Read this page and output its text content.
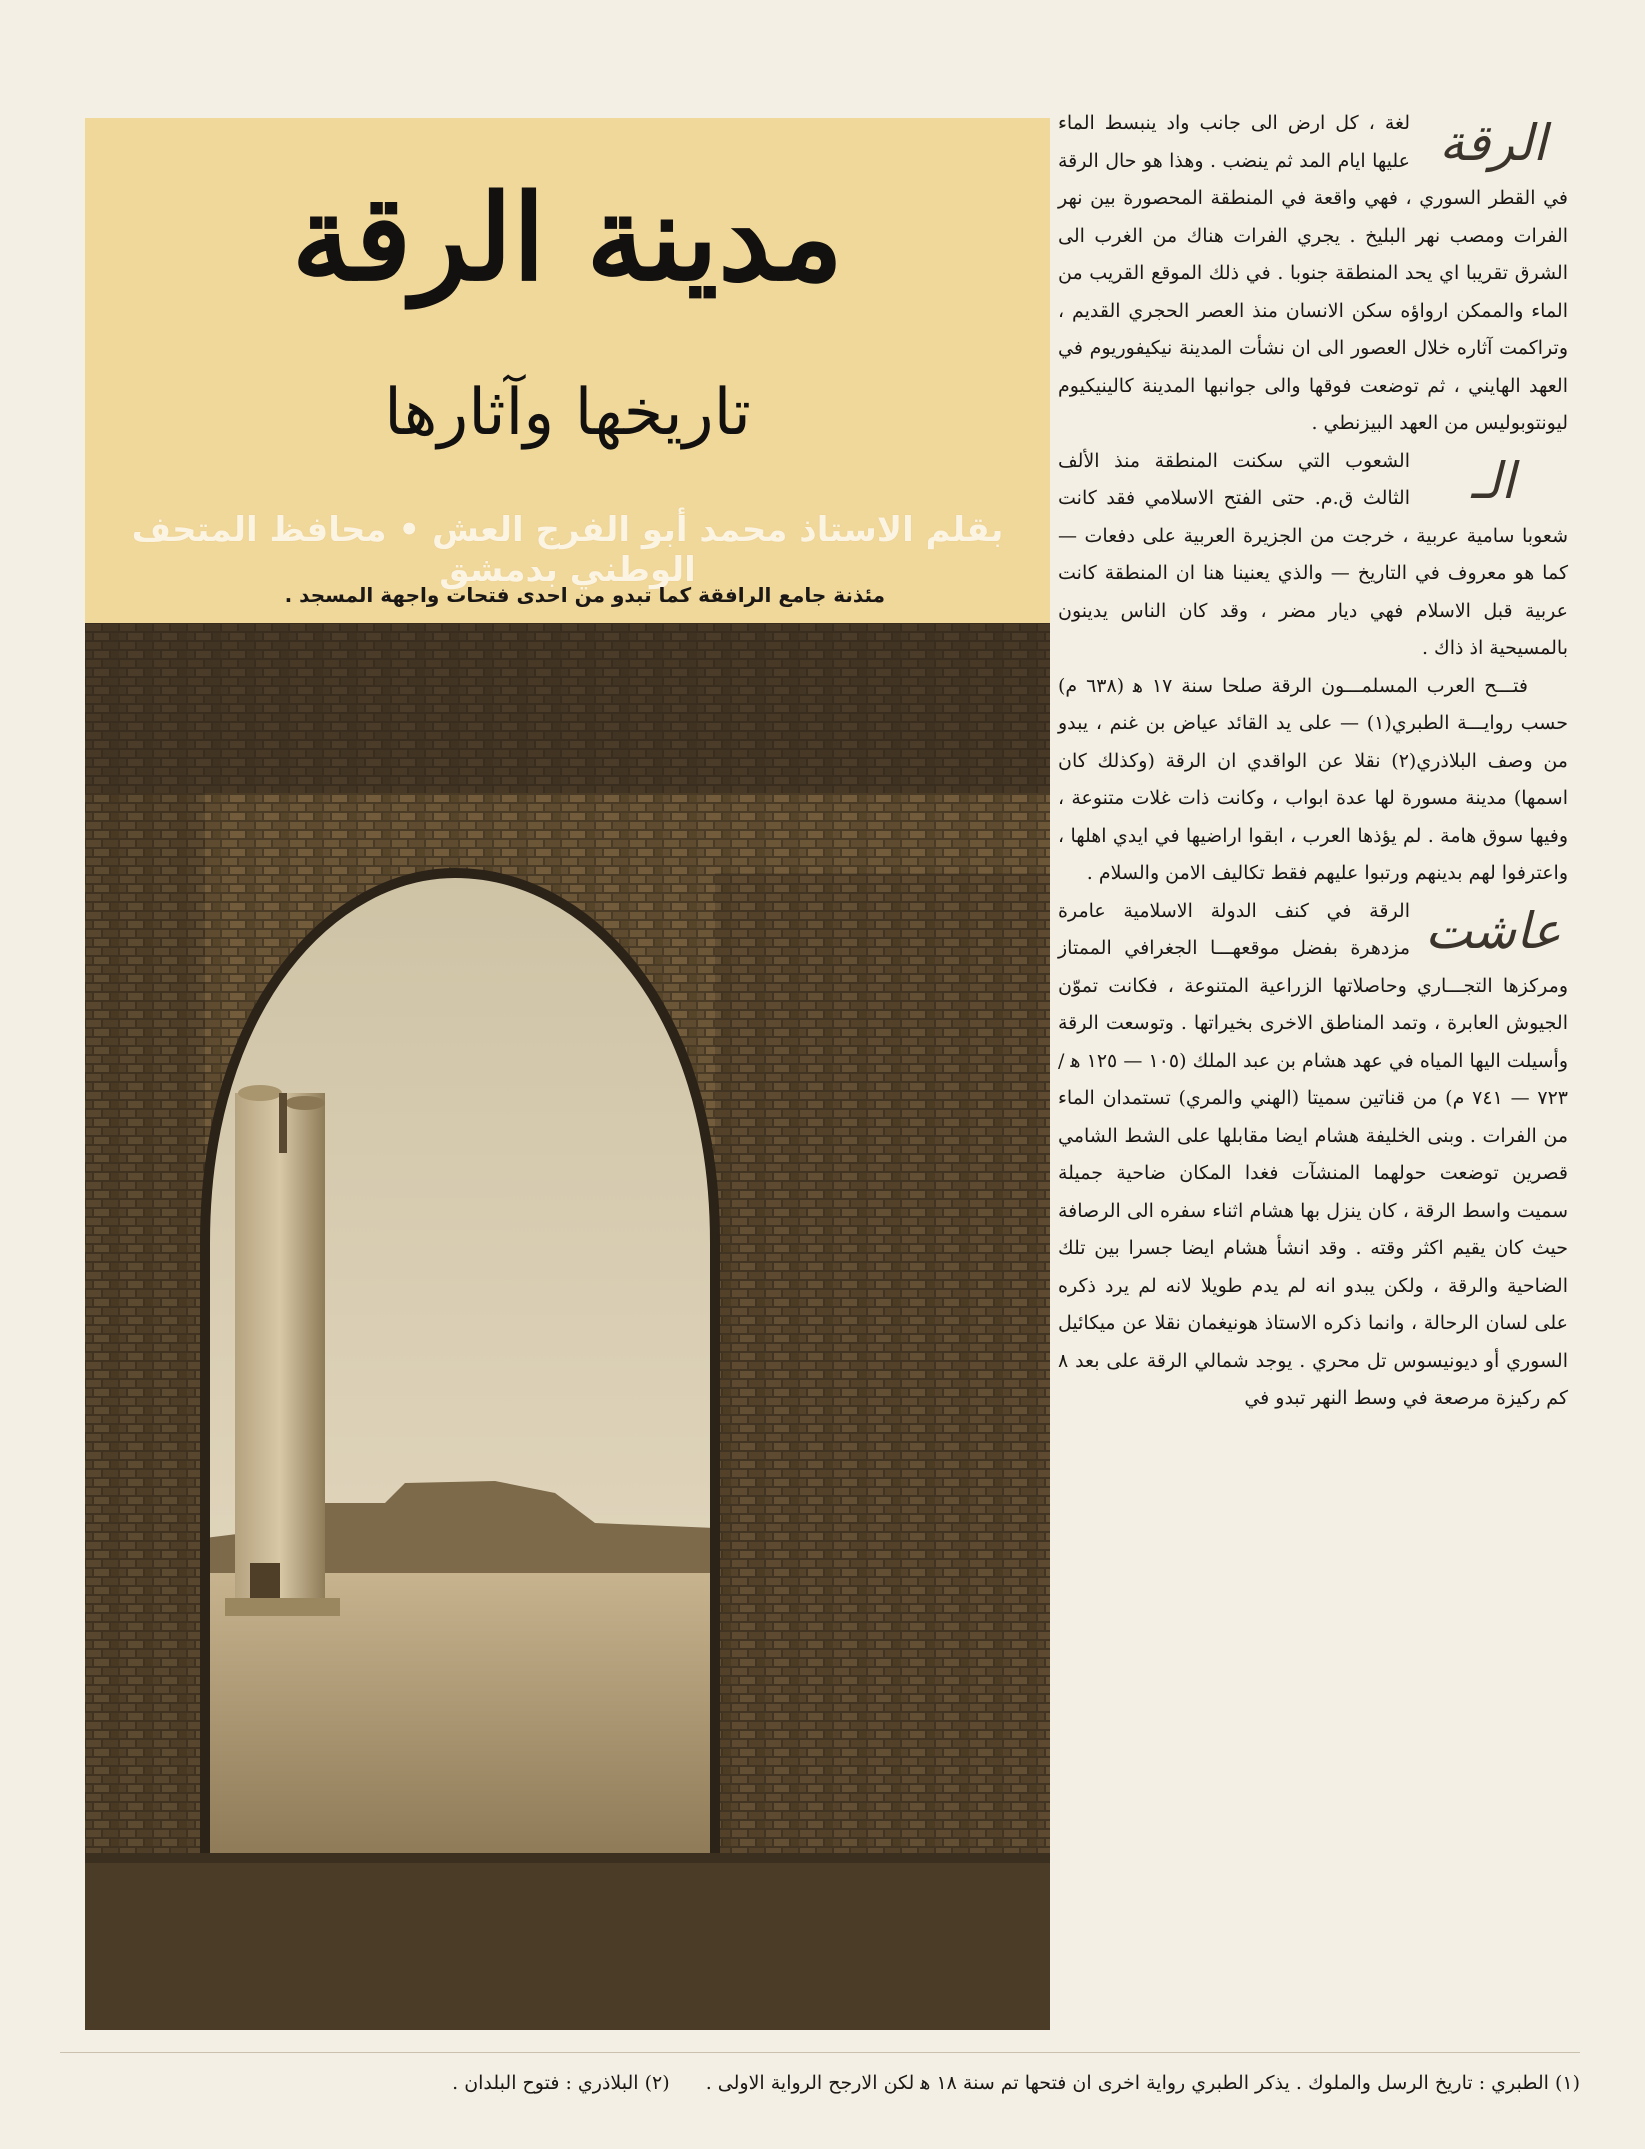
مدينة الرقة
تاريخها وآثارها
بقلم الاستاذ محمد أبو الفرج العش • محافظ المتحف الوطني بدمشق
مئذنة جامع الرافقة كما تبدو من احدى فتحات واجهة المسجد .

الرقة
لغة ، كل ارض الى جانب واد ينبسط الماء عليها ايام المد ثم ينضب . وهذا هو حال الرقة في القطر السوري ، فهي واقعة في المنطقة المحصورة بين نهر الفرات ومصب نهر البليخ . يجري الفرات هناك من الغرب الى الشرق تقريبا اي يحد المنطقة جنوبا . في ذلك الموقع القريب من الماء والممكن ارواؤه سكن الانسان منذ العصر الحجري القديم ، وتراكمت آثاره خلال العصور الى ان نشأت المدينة نيكيفوريوم في العهد الهايني ، ثم توضعت فوقها والى جوانبها المدينة كالينيكيوم ليونتوبوليس من العهد البيزنطي .

الـ
الشعوب التي سكنت المنطقة منذ الألف الثالث ق.م. حتى الفتح الاسلامي فقد كانت شعوبا سامية عربية ، خرجت من الجزيرة العربية على دفعات — كما هو معروف في التاريخ — والذي يعنينا هنا ان المنطقة كانت عربية قبل الاسلام فهي ديار مضر ، وقد كان الناس يدينون بالمسيحية اذ ذاك .

فتـــح العرب المسلمـــون الرقة صلحا سنة ١٧ ﻫ (٦٣٨ م) حسب روايـــة الطبري(١) — على يد القائد عياض بن غنم ، يبدو من وصف البلاذري(٢) نقلا عن الواقدي ان الرقة (وكذلك كان اسمها) مدينة مسورة لها عدة ابواب ، وكانت ذات غلات متنوعة ، وفيها سوق هامة . لم يؤذها العرب ، ابقوا اراضيها في ايدي اهلها ، واعترفوا لهم بدينهم ورتبوا عليهم فقط تكاليف الامن والسلام .

عاشت
الرقة في كنف الدولة الاسلامية عامرة مزدهرة بفضل موقعهـــا الجغرافي الممتاز ومركزها التجـــاري وحاصلاتها الزراعية المتنوعة ، فكانت تموّن الجيوش العابرة ، وتمد المناطق الاخرى بخيراتها . وتوسعت الرقة وأسيلت اليها المياه في عهد هشام بن عبد الملك (١٠٥ — ١٢٥ ﻫ / ٧٢٣ — ٧٤١ م) من قناتين سميتا (الهني والمري) تستمدان الماء من الفرات . وبنى الخليفة هشام ايضا مقابلها على الشط الشامي قصرين توضعت حولهما المنشآت فغدا المكان ضاحية جميلة سميت واسط الرقة ، كان ينزل بها هشام اثناء سفره الى الرصافة حيث كان يقيم اكثر وقته . وقد انشأ هشام ايضا جسرا بين تلك الضاحية والرقة ، ولكن يبدو انه لم يدم طويلا لانه لم يرد ذكره على لسان الرحالة ، وانما ذكره الاستاذ هونيغمان نقلا عن ميكائيل السوري أو ديونيسوس تل محري . يوجد شمالي الرقة على بعد ٨ كم ركيزة مرصعة في وسط النهر تبدو في

(١) الطبري : تاريخ الرسل والملوك . يذكر الطبري رواية اخرى ان فتحها تم سنة ١٨ ﻫ لكن الارجح الرواية الاولى . (٢) البلاذري : فتوح البلدان .
